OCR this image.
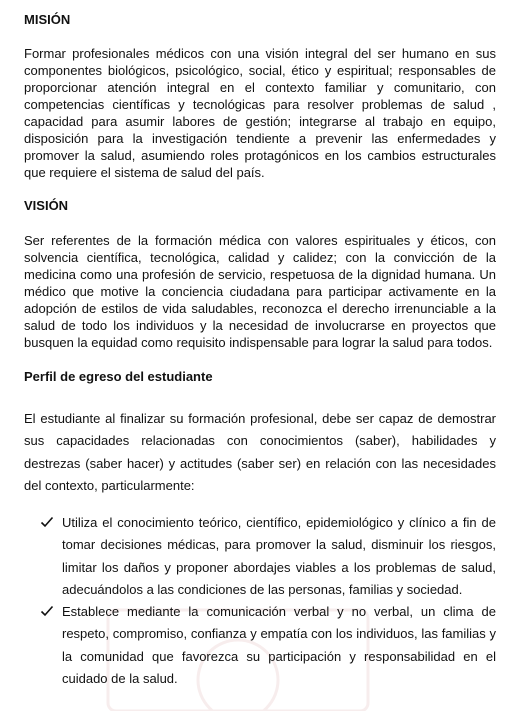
MISIÓN

Formar profesionales médicos con una visión integral del ser humano en sus componentes biológicos, psicológico, social, ético y espiritual; responsables de proporcionar atención integral en el contexto familiar y comunitario, con competencias científicas y tecnológicas para resolver problemas de salud , capacidad para asumir labores de gestión; integrarse al trabajo en equipo, disposición para la investigación tendiente a prevenir las enfermedades y promover la salud, asumiendo roles protagónicos en los cambios estructurales que requiere el sistema de salud del país.

VISIÓN

Ser referentes de la formación médica con valores espirituales y éticos, con solvencia científica, tecnológica, calidad y calidez; con la convicción de la medicina como una profesión de servicio, respetuosa de la dignidad humana. Un médico que motive la conciencia ciudadana para participar activamente en la adopción de estilos de vida saludables, reconozca el derecho irrenunciable a la salud de todo los individuos y la necesidad de involucrarse en proyectos que busquen la equidad como requisito indispensable para lograr la salud para todos.

Perfil de egreso del estudiante

El estudiante al finalizar su formación profesional, debe ser capaz de demostrar sus capacidades relacionadas con conocimientos (saber), habilidades y destrezas (saber hacer) y actitudes (saber ser) en relación con las necesidades del contexto, particularmente:

Utiliza el conocimiento teórico, científico, epidemiológico y clínico a fin de tomar decisiones médicas, para promover la salud, disminuir los riesgos, limitar los daños y proponer abordajes viables a los problemas de salud, adecuándolos a las condiciones de las personas, familias y sociedad.
Establece mediante la comunicación verbal y no verbal, un clima de respeto, compromiso, confianza y empatía con los individuos, las familias y la comunidad que favorezca su participación y responsabilidad en el cuidado de la salud.
